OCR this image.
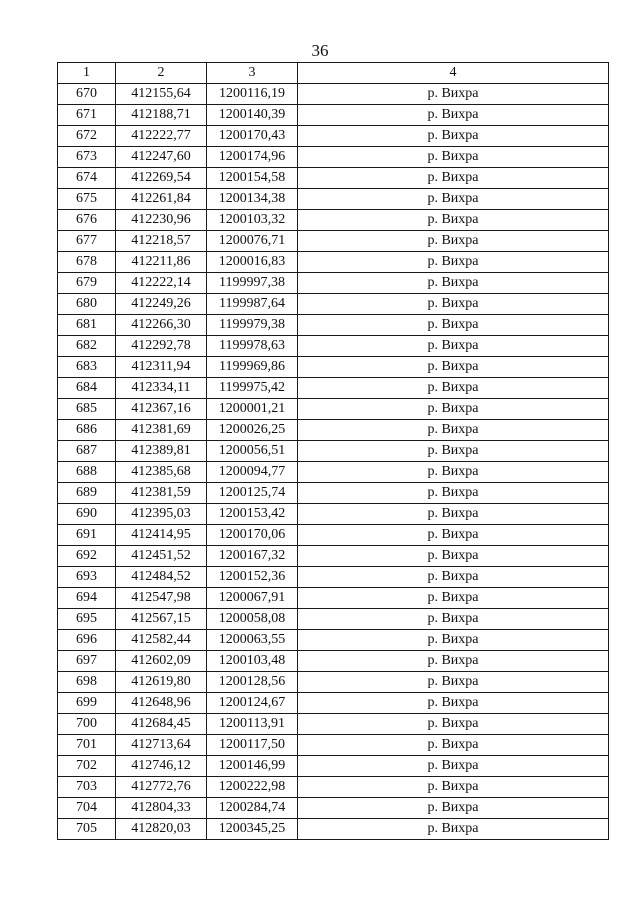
36
1	2	3	4
670	412155,64	1200116,19	р. Вихра
671	412188,71	1200140,39	р. Вихра
672	412222,77	1200170,43	р. Вихра
673	412247,60	1200174,96	р. Вихра
674	412269,54	1200154,58	р. Вихра
675	412261,84	1200134,38	р. Вихра
676	412230,96	1200103,32	р. Вихра
677	412218,57	1200076,71	р. Вихра
678	412211,86	1200016,83	р. Вихра
679	412222,14	1199997,38	р. Вихра
680	412249,26	1199987,64	р. Вихра
681	412266,30	1199979,38	р. Вихра
682	412292,78	1199978,63	р. Вихра
683	412311,94	1199969,86	р. Вихра
684	412334,11	1199975,42	р. Вихра
685	412367,16	1200001,21	р. Вихра
686	412381,69	1200026,25	р. Вихра
687	412389,81	1200056,51	р. Вихра
688	412385,68	1200094,77	р. Вихра
689	412381,59	1200125,74	р. Вихра
690	412395,03	1200153,42	р. Вихра
691	412414,95	1200170,06	р. Вихра
692	412451,52	1200167,32	р. Вихра
693	412484,52	1200152,36	р. Вихра
694	412547,98	1200067,91	р. Вихра
695	412567,15	1200058,08	р. Вихра
696	412582,44	1200063,55	р. Вихра
697	412602,09	1200103,48	р. Вихра
698	412619,80	1200128,56	р. Вихра
699	412648,96	1200124,67	р. Вихра
700	412684,45	1200113,91	р. Вихра
701	412713,64	1200117,50	р. Вихра
702	412746,12	1200146,99	р. Вихра
703	412772,76	1200222,98	р. Вихра
704	412804,33	1200284,74	р. Вихра
705	412820,03	1200345,25	р. Вихра
